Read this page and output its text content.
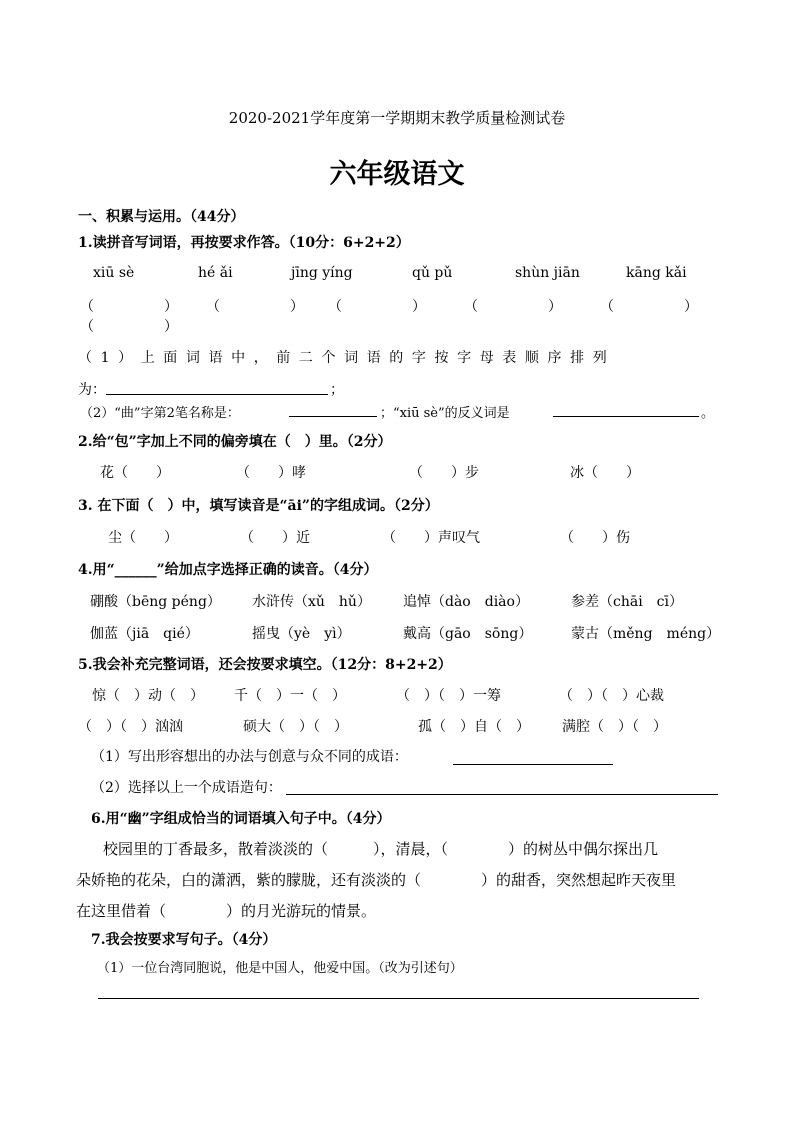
2020-2021学年度第一学期期末教学质量检测试卷
六年级语文
一、积累与运用。（44分）
1.读拼音写词语，再按要求作答。（10分：6+2+2）
xiū sè	hé ǎi	jīng yíng	qǔ pǔ	shùn jiān	kāng kǎi
（　　　　　） （　　　　　） （　　　　　）	（　　　　　）	（　　　　　）
（　　　　　）
（1）上面词语中，前二个词语的字按字母表顺序排列
为：	；
（2）“曲”字第2笔名称是：	；“xiū sè”的反义词是	。
2.给“包”字加上不同的偏旁填在（　）里。（2分）
花（　　）	（　　）哮	（　　）步	冰（　　）
3. 在下面（　）中，填写读音是“āi”的字组成词。（2分）
尘（　　）	（　　）近	（　　）声叹气	（　　）伤
4.用“______”给加点字选择正确的读音。（4分）
硼酸（bēng péng） 水浒传（xǔ　hǔ） 追悼（dào　diào）	参差（chāi　cī）
伽蓝（jiā　qié）	摇曳（yè　yì）	戴高（gāo　sōng）	蒙古（měng　méng）
5.我会补充完整词语，还会按要求填空。（12分：8+2+2）
惊（　）动（　） 千（　）一（　）	（　）（　）一筹	（　）（　）心裁
（　）（　）汹汹	硕大（　）（　）	孤（　）自（　） 满腔（　）（　）
（1）写出形容想出的办法与创意与众不同的成语：
（2）选择以上一个成语造句：
6.用“幽”字组成恰当的词语填入句子中。（4分）
校园里的丁香最多，散着淡淡的（　　　），清晨，（　　　　）的树丛中偶尔探出几
朵娇艳的花朵，白的潇洒，紫的朦胧，还有淡淡的（　　　　）的甜香，突然想起昨天夜里
在这里借着（　　　　）的月光游玩的情景。
7.我会按要求写句子。（4分）
（1）一位台湾同胞说，他是中国人，他爱中国。（改为引述句）
